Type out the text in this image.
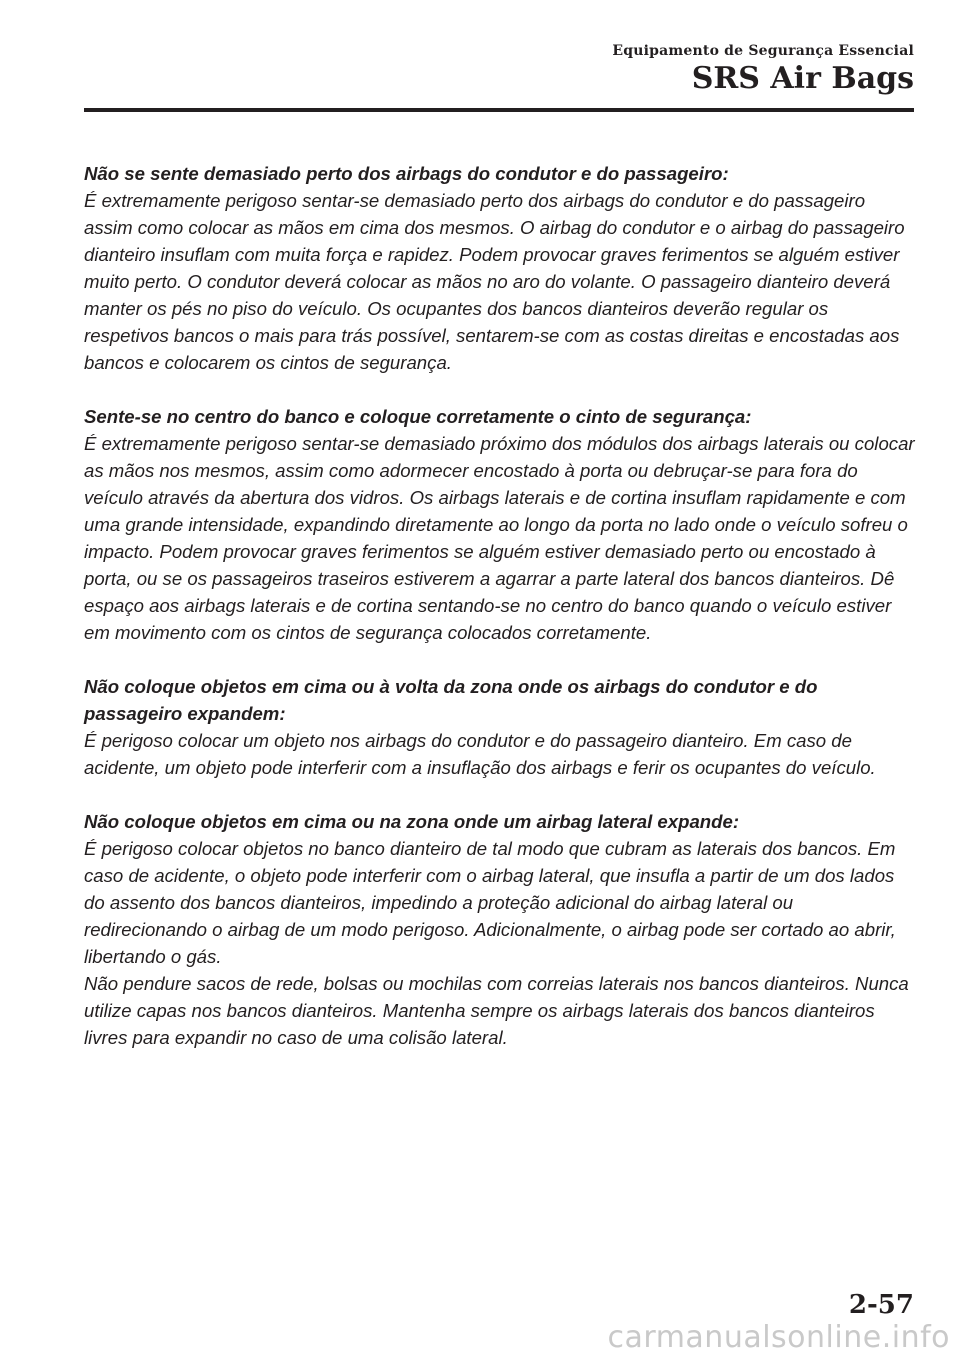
Equipamento de Segurança Essencial
SRS Air Bags

Não se sente demasiado perto dos airbags do condutor e do passageiro:

É extremamente perigoso sentar-se demasiado perto dos airbags do condutor e do passageiro assim como colocar as mãos em cima dos mesmos. O airbag do condutor e o airbag do passageiro dianteiro insuflam com muita força e rapidez. Podem provocar graves ferimentos se alguém estiver muito perto. O condutor deverá colocar as mãos no aro do volante. O passageiro dianteiro deverá manter os pés no piso do veículo. Os ocupantes dos bancos dianteiros deverão regular os respetivos bancos o mais para trás possível, sentarem-se com as costas direitas e encostadas aos bancos e colocarem os cintos de segurança.

Sente-se no centro do banco e coloque corretamente o cinto de segurança:

É extremamente perigoso sentar-se demasiado próximo dos módulos dos airbags laterais ou colocar as mãos nos mesmos, assim como adormecer encostado à porta ou debruçar-se para fora do veículo através da abertura dos vidros. Os airbags laterais e de cortina insuflam rapidamente e com uma grande intensidade, expandindo diretamente ao longo da porta no lado onde o veículo sofreu o impacto. Podem provocar graves ferimentos se alguém estiver demasiado perto ou encostado à porta, ou se os passageiros traseiros estiverem a agarrar a parte lateral dos bancos dianteiros. Dê espaço aos airbags laterais e de cortina sentando-se no centro do banco quando o veículo estiver em movimento com os cintos de segurança colocados corretamente.

Não coloque objetos em cima ou à volta da zona onde os airbags do condutor e do passageiro expandem:

É perigoso colocar um objeto nos airbags do condutor e do passageiro dianteiro. Em caso de acidente, um objeto pode interferir com a insuflação dos airbags e ferir os ocupantes do veículo.

Não coloque objetos em cima ou na zona onde um airbag lateral expande:

É perigoso colocar objetos no banco dianteiro de tal modo que cubram as laterais dos bancos. Em caso de acidente, o objeto pode interferir com o airbag lateral, que insufla a partir de um dos lados do assento dos bancos dianteiros, impedindo a proteção adicional do airbag lateral ou redirecionando o airbag de um modo perigoso. Adicionalmente, o airbag pode ser cortado ao abrir, libertando o gás.

Não pendure sacos de rede, bolsas ou mochilas com correias laterais nos bancos dianteiros. Nunca utilize capas nos bancos dianteiros. Mantenha sempre os airbags laterais dos bancos dianteiros livres para expandir no caso de uma colisão lateral.

2-57
carmanualsonline.info
